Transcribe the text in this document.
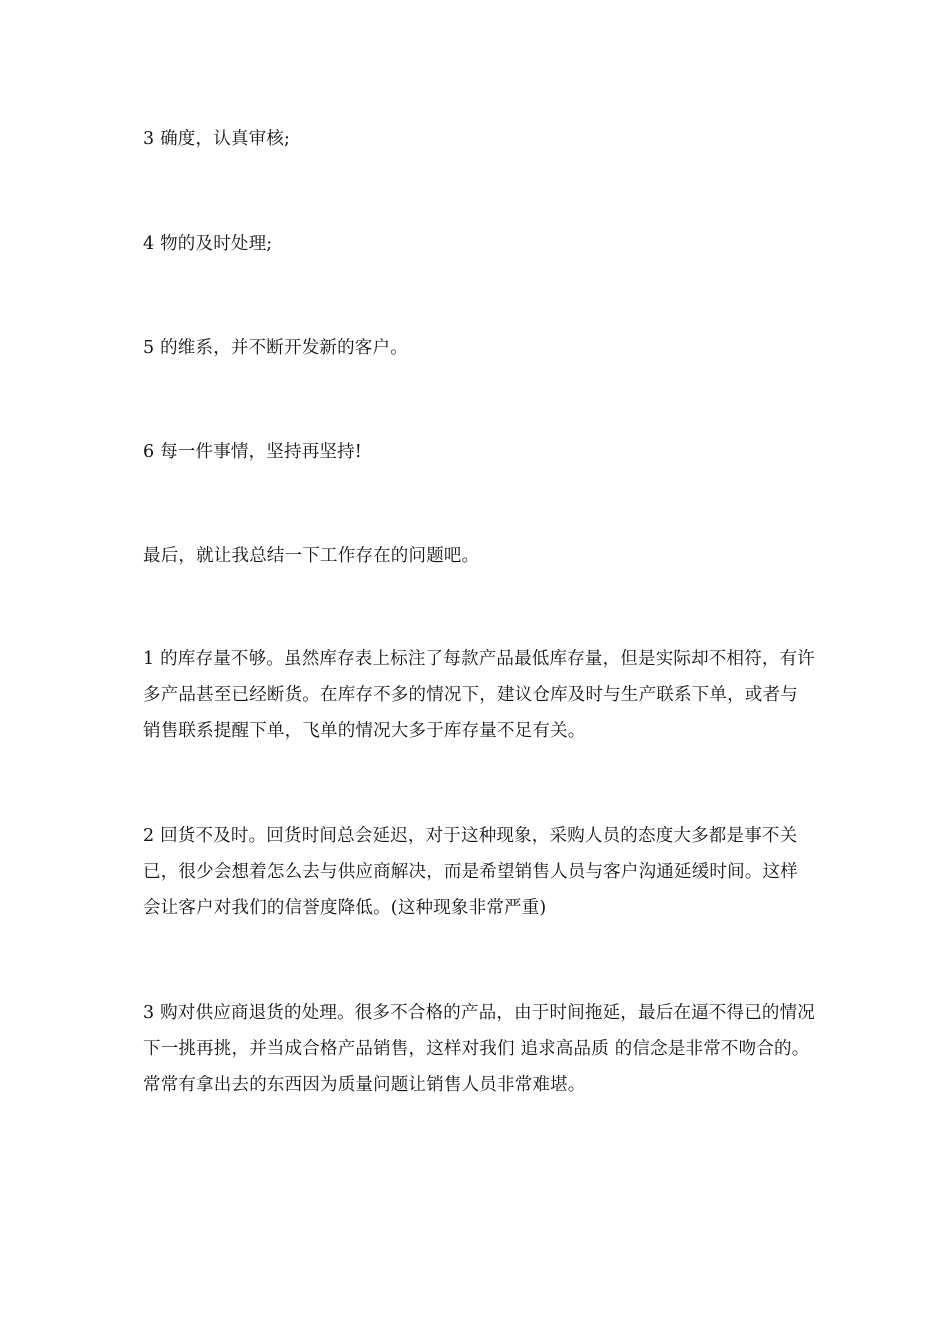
3 确度，认真审核;

4 物的及时处理;

5 的维系，并不断开发新的客户。

6 每一件事情，坚持再坚持!

最后，就让我总结一下工作存在的问题吧。

1 的库存量不够。虽然库存表上标注了每款产品最低库存量，但是实际却不相符，有许多产品甚至已经断货。在库存不多的情况下，建议仓库及时与生产联系下单，或者与销售联系提醒下单，飞单的情况大多于库存量不足有关。

2 回货不及时。回货时间总会延迟，对于这种现象，采购人员的态度大多都是事不关已，很少会想着怎么去与供应商解决，而是希望销售人员与客户沟通延缓时间。这样会让客户对我们的信誉度降低。(这种现象非常严重)

3 购对供应商退货的处理。很多不合格的产品，由于时间拖延，最后在逼不得已的情况下一挑再挑，并当成合格产品销售，这样对我们 追求高品质 的信念是非常不吻合的。常常有拿出去的东西因为质量问题让销售人员非常难堪。
